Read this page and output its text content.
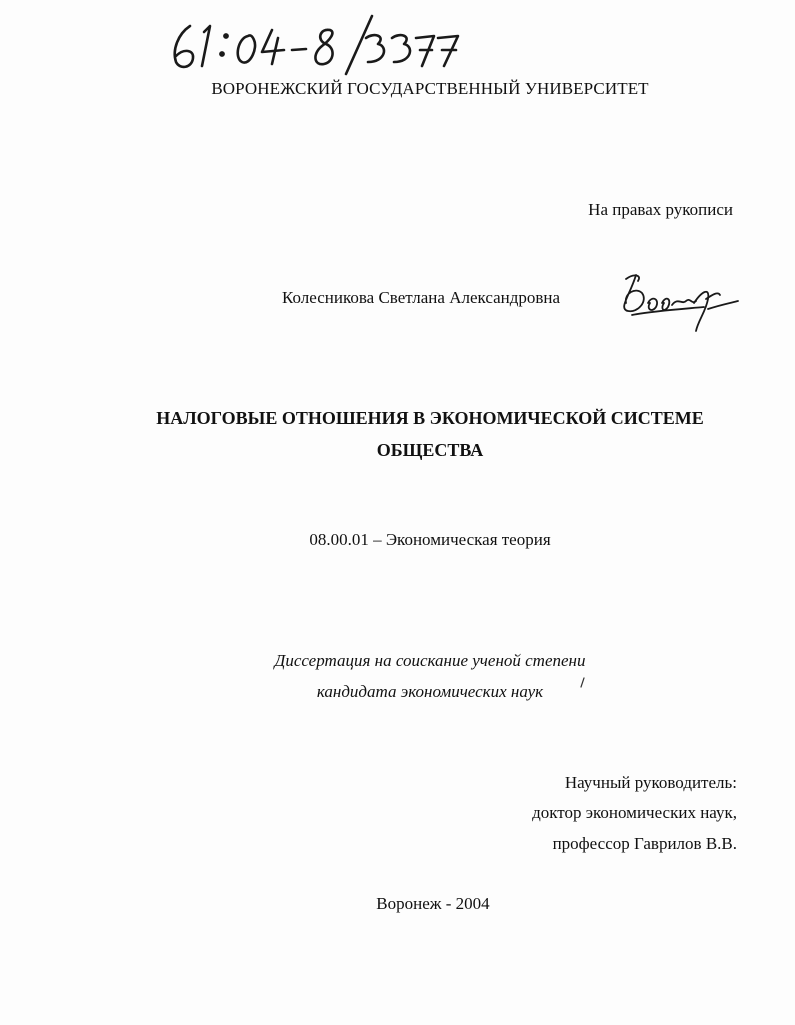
ВОРОНЕЖСКИЙ ГОСУДАРСТВЕННЫЙ УНИВЕРСИТЕТ

На правах рукописи

Колесникова Светлана Александровна

НАЛОГОВЫЕ ОТНОШЕНИЯ В ЭКОНОМИЧЕСКОЙ СИСТЕМЕ

ОБЩЕСТВА

08.00.01 – Экономическая теория

Диссертация на соискание ученой степени

кандидата экономических наук

Научный руководитель:

доктор экономических наук,

профессор Гаврилов В.В.

Воронеж - 2004
